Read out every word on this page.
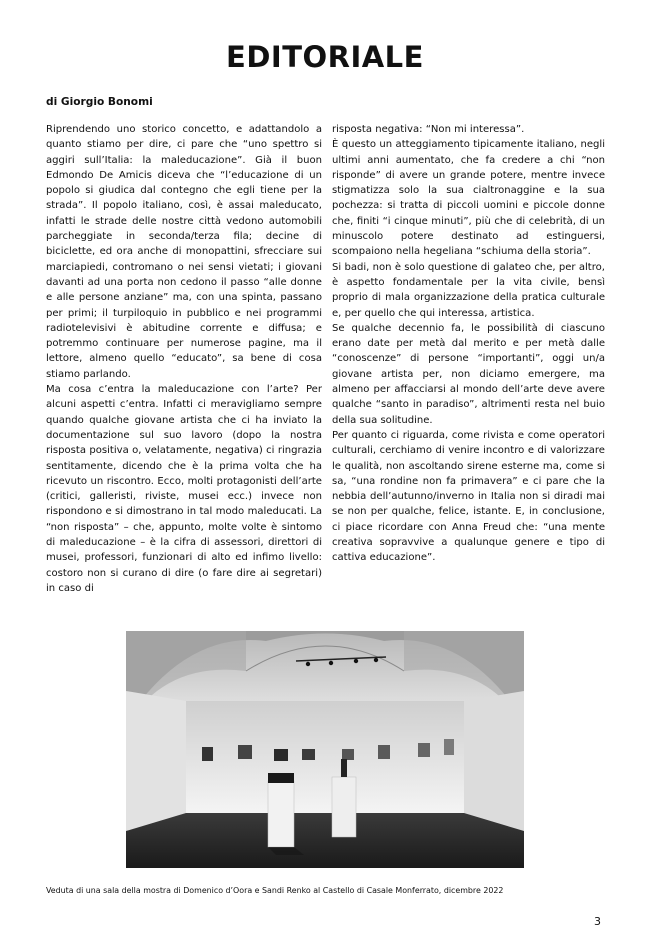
EDITORIALE
di Giorgio Bonomi

Riprendendo uno storico concetto, e adattandolo a quanto stiamo per dire, ci pare che “uno spettro si aggiri sull’Italia: la maleducazione”. Già il buon Edmondo De Amicis diceva che “l’educazione di un popolo si giudica dal contegno che egli tiene per la strada”. Il popolo italiano, così, è assai maleducato, infatti le strade delle nostre città vedono automobili parcheggiate in seconda/terza fila; decine di biciclette, ed ora anche di monopattini, sfrecciare sui marciapiedi, contromano o nei sensi vietati; i giovani davanti ad una porta non cedono il passo “alle donne e alle persone anziane” ma, con una spinta, passano per primi; il turpiloquio in pubblico e nei programmi radiotelevisivi è abitudine corrente e diffusa; e potremmo continuare per numerose pagine, ma il lettore, almeno quello “educato”, sa bene di cosa stiamo parlando.

Ma cosa c’entra la maleducazione con l’arte? Per alcuni aspetti c’entra. Infatti ci meravigliamo sempre quando qualche giovane artista che ci ha inviato la documentazione sul suo lavoro (dopo la nostra risposta positiva o, velatamente, negativa) ci ringrazia sentitamente, dicendo che è la prima volta che ha ricevuto un riscontro. Ecco, molti protagonisti dell’arte (critici, galleristi, riviste, musei ecc.) invece non rispondono e si dimostrano in tal modo maleducati. La “non risposta” – che, appunto, molte volte è sintomo di maleducazione – è la cifra di assessori, direttori di musei, professori, funzionari di alto ed infimo livello: costoro non si curano di dire (o fare dire ai segretari) in caso di

risposta negativa: “Non mi interessa”.

È questo un atteggiamento tipicamente italiano, negli ultimi anni aumentato, che fa credere a chi “non risponde” di avere un grande potere, mentre invece stigmatizza solo la sua cialtronaggine e la sua pochezza: si tratta di piccoli uomini e piccole donne che, finiti “i cinque minuti”, più che di celebrità, di un minuscolo potere destinato ad estinguersi, scompaiono nella hegeliana “schiuma della storia”.

Si badi, non è solo questione di galateo che, per altro, è aspetto fondamentale per la vita civile, bensì proprio di mala organizzazione della pratica culturale e, per quello che qui interessa, artistica.

Se qualche decennio fa, le possibilità di ciascuno erano date per metà dal merito e per metà dalle “conoscenze” di persone “importanti”, oggi un/a giovane artista per, non diciamo emergere, ma almeno per affacciarsi al mondo dell’arte deve avere qualche “santo in paradiso”, altrimenti resta nel buio della sua solitudine.

Per quanto ci riguarda, come rivista e come operatori culturali, cerchiamo di venire incontro e di valorizzare le qualità, non ascoltando sirene esterne ma, come si sa, “una rondine non fa primavera” e ci pare che la nebbia dell’autunno/inverno in Italia non si diradi mai se non per qualche, felice, istante. E, in conclusione, ci piace ricordare con Anna Freud che: “una mente creativa sopravvive a qualunque genere e tipo di cattiva educazione”.

Veduta di una sala della mostra di Domenico d’Oora e Sandi Renko al Castello di Casale Monferrato, dicembre 2022
3
